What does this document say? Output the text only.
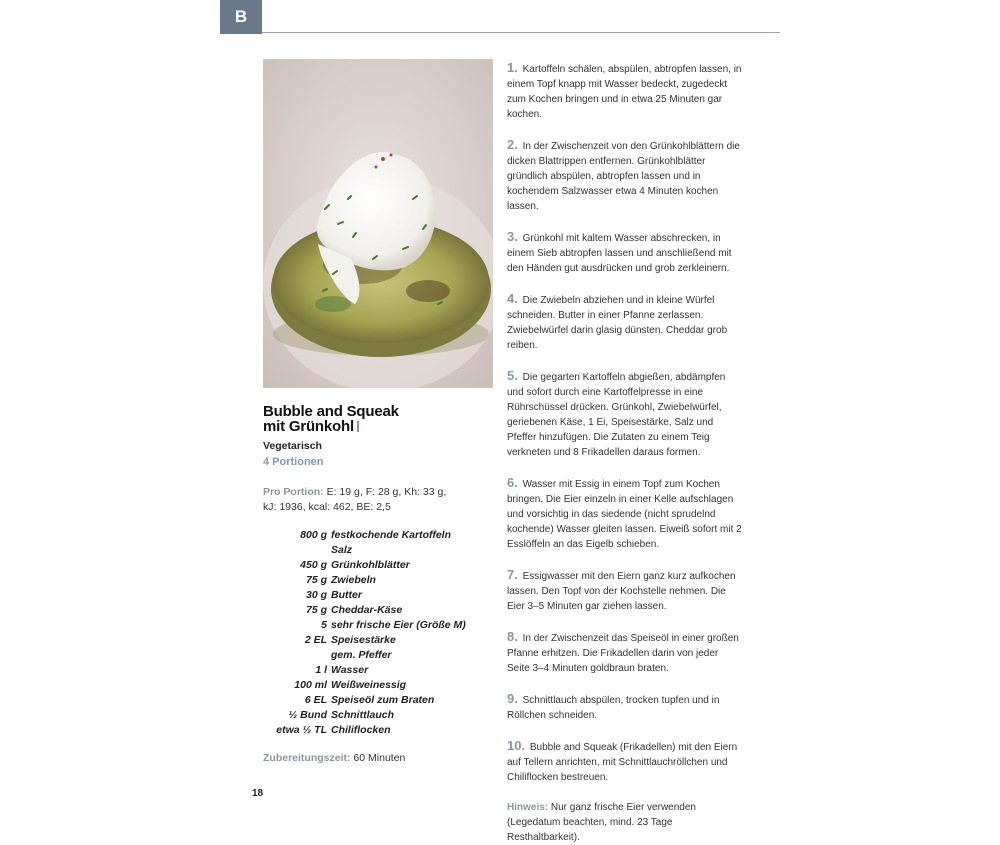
B
Bubble and Squeak
mit Grünkohl
Vegetarisch
4 Portionen
Pro Portion: E: 19 g, F: 28 g, Kh: 33 g,
kJ: 1936, kcal: 462, BE: 2,5
800 g festkochende Kartoffeln
Salz
450 g Grünkohlblätter
75 g Zwiebeln
30 g Butter
75 g Cheddar-Käse
5 sehr frische Eier (Größe M)
2 EL Speisestärke
gem. Pfeffer
1 l Wasser
100 ml Weißweinessig
6 EL Speiseöl zum Braten
½ Bund Schnittlauch
etwa ½ TL Chiliflocken
Zubereitungszeit: 60 Minuten
18
1. Kartoffeln schälen, abspülen, abtropfen lassen, in einem Topf knapp mit Wasser bedeckt, zugedeckt zum Kochen bringen und in etwa 25 Minuten gar kochen.
2. In der Zwischenzeit von den Grünkohlblättern die dicken Blattrippen entfernen. Grünkohlblätter gründlich abspülen, abtropfen lassen und in kochendem Salzwasser etwa 4 Minuten kochen lassen.
3. Grünkohl mit kaltem Wasser abschrecken, in einem Sieb abtropfen lassen und anschließend mit den Händen gut ausdrücken und grob zerkleinern.
4. Die Zwiebeln abziehen und in kleine Würfel schneiden. Butter in einer Pfanne zerlassen. Zwiebelwürfel darin glasig dünsten. Cheddar grob reiben.
5. Die gegarten Kartoffeln abgießen, abdämpfen und sofort durch eine Kartoffelpresse in eine Rührschüssel drücken. Grünkohl, Zwiebelwürfel, geriebenen Käse, 1 Ei, Speisestärke, Salz und Pfeffer hinzufügen. Die Zutaten zu einem Teig verkneten und 8 Frikadellen daraus formen.
6. Wasser mit Essig in einem Topf zum Kochen bringen. Die Eier einzeln in einer Kelle aufschlagen und vorsichtig in das siedende (nicht sprudelnd kochende) Wasser gleiten lassen. Eiweiß sofort mit 2 Esslöffeln an das Eigelb schieben.
7. Essigwasser mit den Eiern ganz kurz aufkochen lassen. Den Topf von der Kochstelle nehmen. Die Eier 3–5 Minuten gar ziehen lassen.
8. In der Zwischenzeit das Speiseöl in einer großen Pfanne erhitzen. Die Frikadellen darin von jeder Seite 3–4 Minuten goldbraun braten.
9. Schnittlauch abspülen, trocken tupfen und in Röllchen schneiden.
10. Bubble and Squeak (Frikadellen) mit den Eiern auf Tellern anrichten, mit Schnittlauchröllchen und Chiliflocken bestreuen.
Hinweis: Nur ganz frische Eier verwenden (Legedatum beachten, mind. 23 Tage Resthaltbarkeit).
